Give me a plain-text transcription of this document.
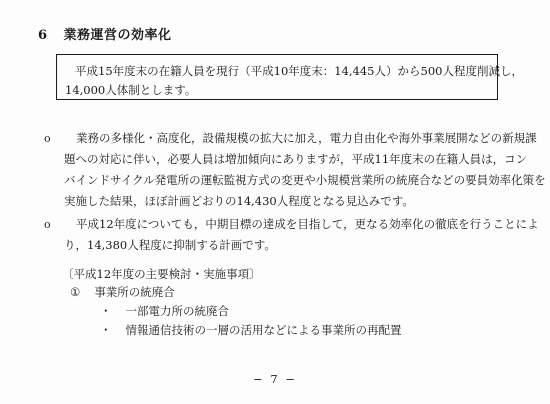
6 業務運営の効率化
平成15年度末の在籍人員を現行（平成10年度末：14,445人）から500人程度削減し，
14,000人体制とします。
o	業務の多様化・高度化，設備規模の拡大に加え，電力自由化や海外事業展開などの新規課
題への対応に伴い，必要人員は増加傾向にありますが，平成11年度末の在籍人員は，コン
バインドサイクル発電所の運転監視方式の変更や小規模営業所の統廃合などの要員効率化策を
実施した結果，ほぼ計画どおりの14,430人程度となる見込みです。
o	平成12年度についても，中期目標の達成を目指して，更なる効率化の徹底を行うことによ
り，14,380人程度に抑制する計画です。
〔平成12年度の主要検討・実施事項〕
① 事業所の統廃合
・ 一部電力所の統廃合
・ 情報通信技術の一層の活用などによる事業所の再配置
− 7 −
